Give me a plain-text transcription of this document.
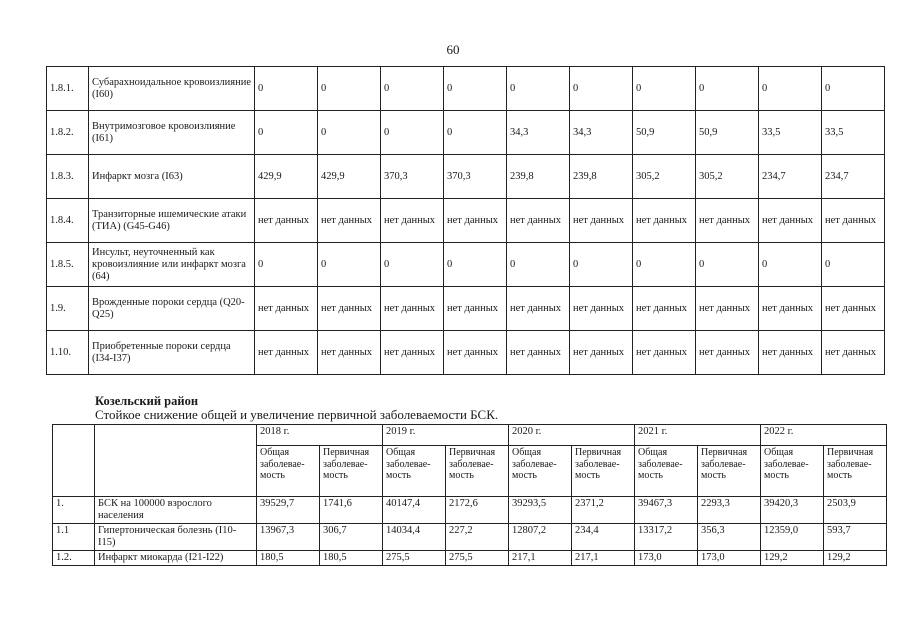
60
1.8.1.	Субарахноидальное кровоизлияние (I60)	0	0	0	0	0	0	0	0	0	0
1.8.2.	Внутримозговое кровоизлияние (I61)	0	0	0	0	34,3	34,3	50,9	50,9	33,5	33,5
1.8.3.	Инфаркт мозга (I63)	429,9	429,9	370,3	370,3	239,8	239,8	305,2	305,2	234,7	234,7
1.8.4.	Транзиторные ишемические атаки (ТИА) (G45-G46)	нет данных	нет данных	нет данных	нет данных	нет данных	нет данных	нет данных	нет данных	нет данных	нет данных
1.8.5.	Инсульт, неуточненный как кровоизлияние или инфаркт мозга (64)	0	0	0	0	0	0	0	0	0	0
1.9.	Врожденные пороки сердца (Q20-Q25)	нет данных	нет данных	нет данных	нет данных	нет данных	нет данных	нет данных	нет данных	нет данных	нет данных
1.10.	Приобретенные пороки сердца (I34-I37)	нет данных	нет данных	нет данных	нет данных	нет данных	нет данных	нет данных	нет данных	нет данных	нет данных
Козельский район
Стойкое снижение общей и увеличение первичной заболеваемости БСК.
		2018 г.		2019 г.		2020 г.		2021 г.		2022 г.	
		Общая заболевае-мость	Первичная заболевае-мость	Общая заболевае-мость	Первичная заболевае-мость	Общая заболевае-мость	Первичная заболевае-мость	Общая заболевае-мость	Первичная заболевае-мость	Общая заболевае-мость	Первичная заболевае-мость
1.	БСК на 100000 взрослого населения	39529,7	1741,6	40147,4	2172,6	39293,5	2371,2	39467,3	2293,3	39420,3	2503,9
1.1	Гипертоническая болезнь (I10-I15)	13967,3	306,7	14034,4	227,2	12807,2	234,4	13317,2	356,3	12359,0	593,7
1.2.	Инфаркт миокарда (I21-I22)	180,5	180,5	275,5	275,5	217,1	217,1	173,0	173,0	129,2	129,2
